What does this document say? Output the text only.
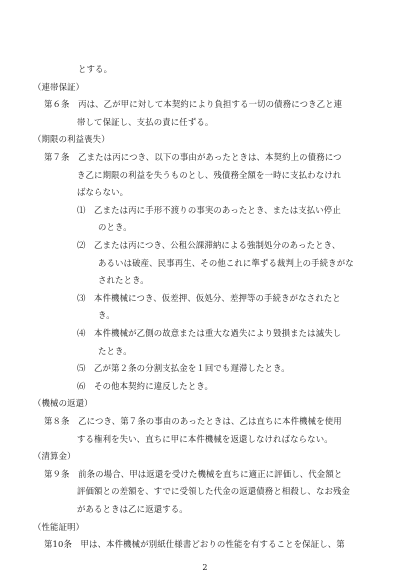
とする。
（連帯保証）
第６条　丙は、乙が甲に対して本契約により負担する一切の債務につき乙と連
帯して保証し、支払の責に任ずる。
（期限の利益喪失）
第７条　乙または丙につき、以下の事由があったときは、本契約上の債務につ
き乙に期限の利益を失うものとし、残債務全額を一時に支払わなけれ
ばならない。
⑴　乙または丙に手形不渡りの事実のあったとき、または支払い停止
のとき。
⑵　乙または丙につき、公租公課滞納による強制処分のあったとき、
あるいは破産、民事再生、その他これに準ずる裁判上の手続きがな
されたとき。
⑶　本件機械につき、仮差押、仮処分、差押等の手続きがなされたと
き。
⑷　本件機械が乙側の故意または重大な過失により毀損または滅失し
たとき。
⑸　乙が第２条の分割支払金を１回でも遅滞したとき。
⑹　その他本契約に違反したとき。
（機械の返還）
第８条　乙につき、第７条の事由のあったときは、乙は直ちに本件機械を使用
する権利を失い、直ちに甲に本件機械を返還しなければならない。
（清算金）
第９条　前条の場合、甲は返還を受けた機械を直ちに適正に評価し、代金額と
評価額との差額を、すでに受領した代金の返還債務と相殺し、なお残金
があるときは乙に返還する。
（性能証明）
第10条　甲は、本件機械が別紙仕様書どおりの性能を有することを保証し、第
2
